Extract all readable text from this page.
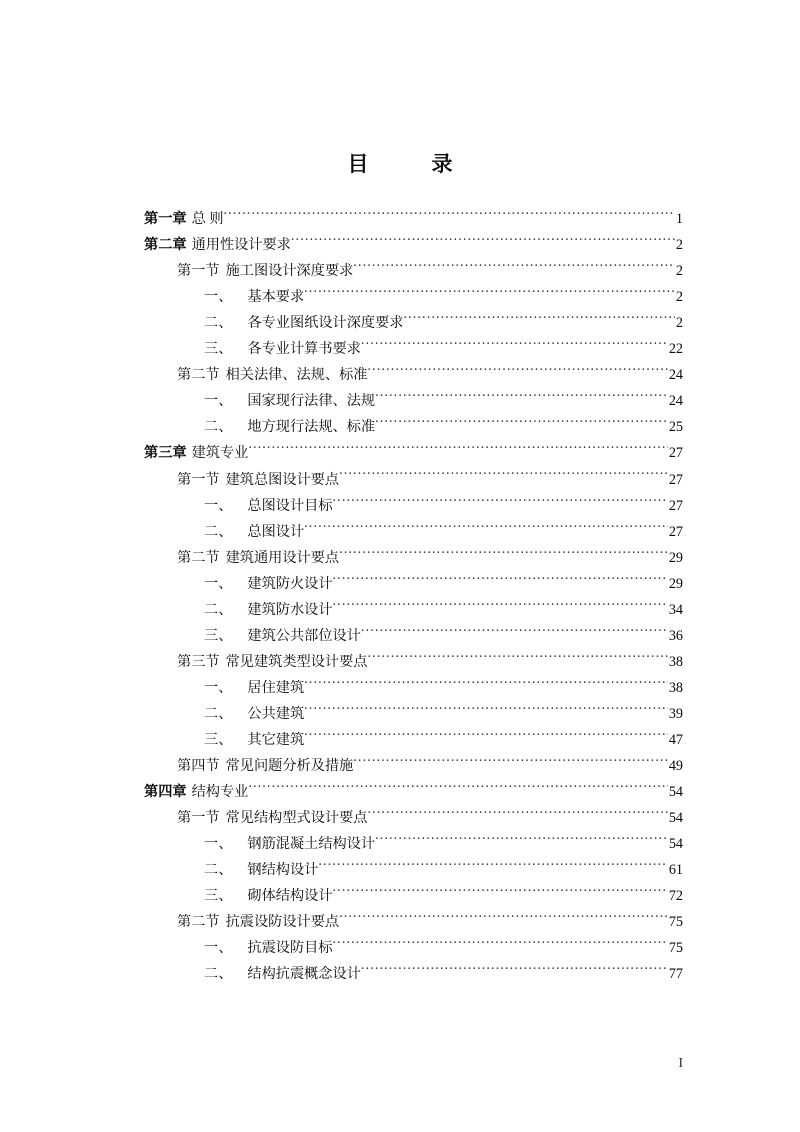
目　　　录
第一章 总 则 .....	1
第二章 通用性设计要求 .....	2
第一节 施工图设计深度要求 .....	2
一、 基本要求 .....	2
二、 各专业图纸设计深度要求 .....	2
三、 各专业计算书要求 .....	22
第二节 相关法律、法规、标准 .....	24
一、 国家现行法律、法规 .....	24
二、 地方现行法规、标准 .....	25
第三章 建筑专业 .....	27
第一节 建筑总图设计要点 .....	27
一、 总图设计目标 .....	27
二、 总图设计 .....	27
第二节 建筑通用设计要点 .....	29
一、 建筑防火设计 .....	29
二、 建筑防水设计 .....	34
三、 建筑公共部位设计 .....	36
第三节 常见建筑类型设计要点 .....	38
一、 居住建筑 .....	38
二、 公共建筑 .....	39
三、 其它建筑 .....	47
第四节 常见问题分析及措施 .....	49
第四章 结构专业 .....	54
第一节 常见结构型式设计要点 .....	54
一、 钢筋混凝土结构设计 .....	54
二、 钢结构设计 .....	61
三、 砌体结构设计 .....	72
第二节 抗震设防设计要点 .....	75
一、 抗震设防目标 .....	75
二、 结构抗震概念设计 .....	77
I
